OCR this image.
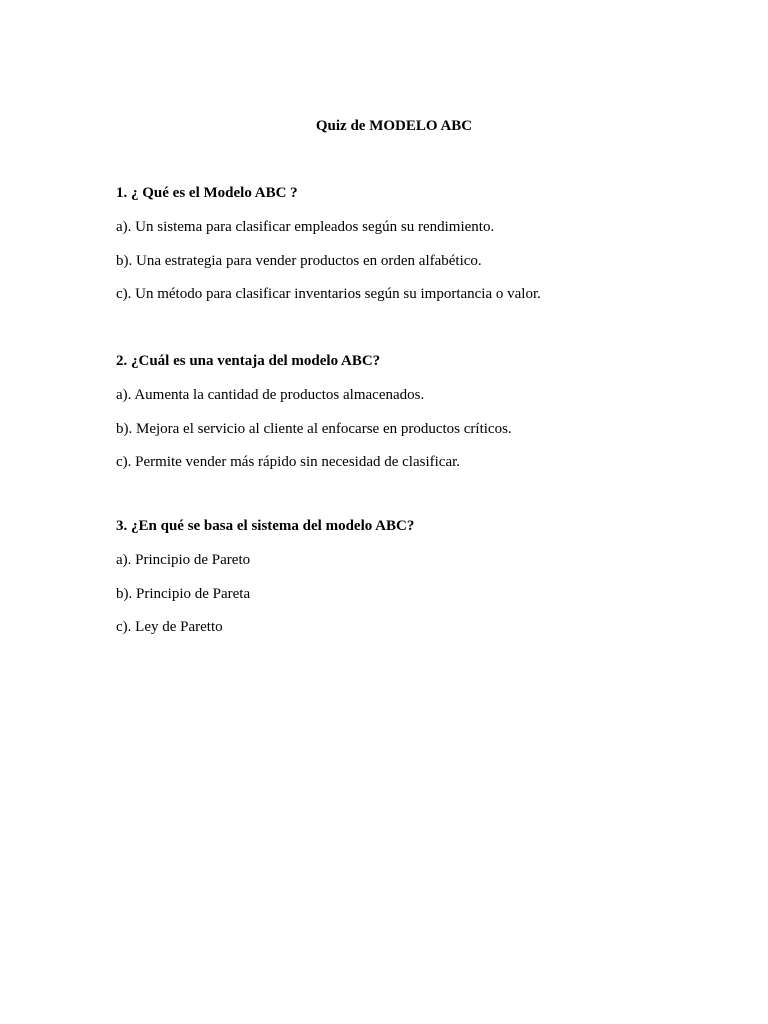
Quiz de MODELO ABC
1. ¿ Qué es el Modelo ABC ?
a). Un sistema para clasificar empleados según su rendimiento.
b). Una estrategia para vender productos en orden alfabético.
c). Un método para clasificar inventarios según su importancia o valor.
2. ¿Cuál es una ventaja del modelo ABC?
a). Aumenta la cantidad de productos almacenados.
b). Mejora el servicio al cliente al enfocarse en productos críticos.
c). Permite vender más rápido sin necesidad de clasificar.
3. ¿En qué se basa el sistema del modelo ABC?
a). Principio de Pareto
b). Principio de Pareta
c). Ley de Paretto
